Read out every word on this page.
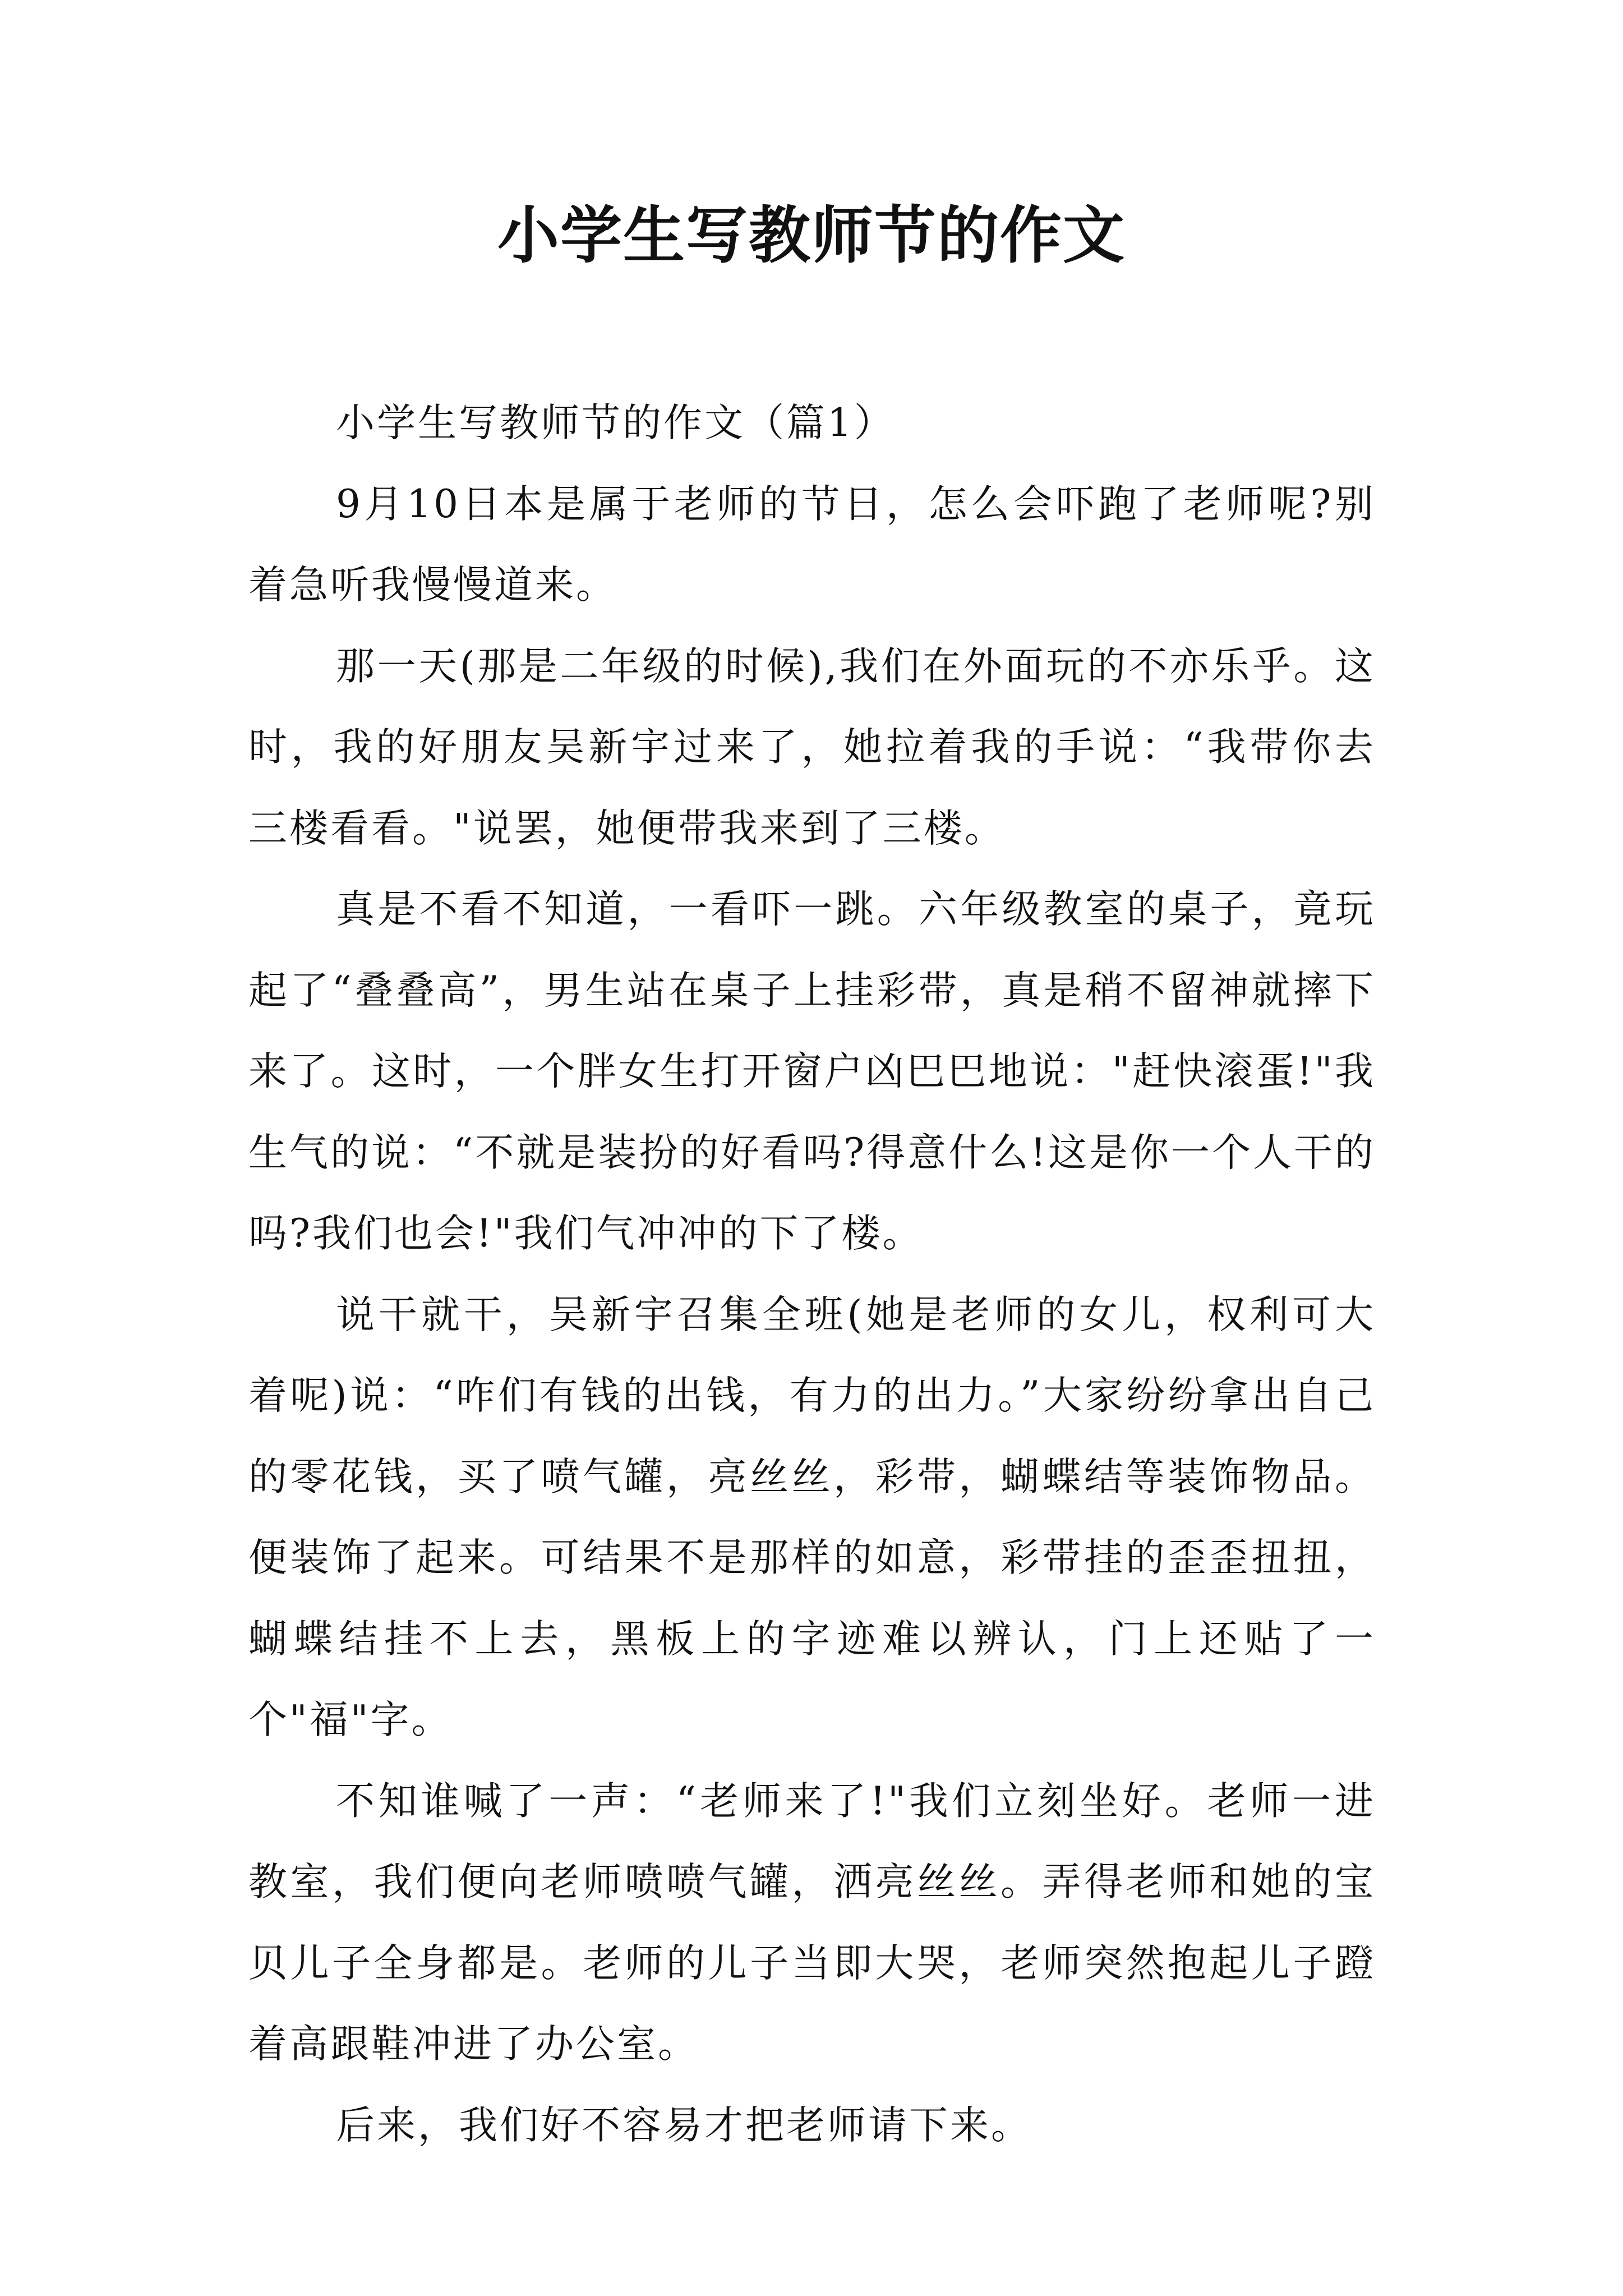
小学生写教师节的作文

小学生写教师节的作文（篇1）

9月10日本是属于老师的节日，怎么会吓跑了老师呢?别着急听我慢慢道来。

那一天(那是二年级的时候),我们在外面玩的不亦乐乎。这时，我的好朋友吴新宇过来了，她拉着我的手说：“我带你去三楼看看。"说罢，她便带我来到了三楼。

真是不看不知道，一看吓一跳。六年级教室的桌子，竟玩起了“叠叠高”，男生站在桌子上挂彩带，真是稍不留神就摔下来了。这时，一个胖女生打开窗户凶巴巴地说："赶快滚蛋!"我生气的说：“不就是装扮的好看吗?得意什么!这是你一个人干的吗?我们也会!"我们气冲冲的下了楼。

说干就干，吴新宇召集全班(她是老师的女儿，权利可大着呢)说：“咋们有钱的出钱，有力的出力。”大家纷纷拿出自己的零花钱，买了喷气罐，亮丝丝，彩带，蝴蝶结等装饰物品。便装饰了起来。可结果不是那样的如意，彩带挂的歪歪扭扭，蝴蝶结挂不上去，黑板上的字迹难以辨认，门上还贴了一个"福"字。

不知谁喊了一声：“老师来了!"我们立刻坐好。老师一进教室，我们便向老师喷喷气罐，洒亮丝丝。弄得老师和她的宝贝儿子全身都是。老师的儿子当即大哭，老师突然抱起儿子蹬着高跟鞋冲进了办公室。

后来，我们好不容易才把老师请下来。
